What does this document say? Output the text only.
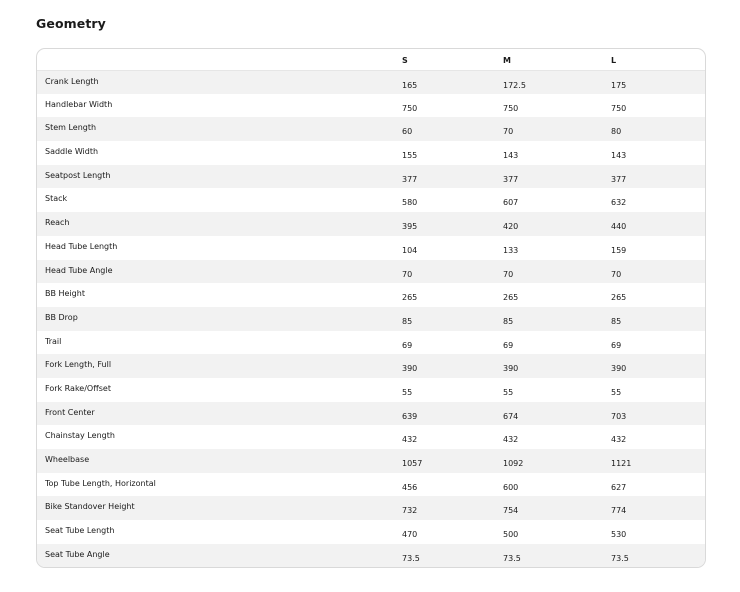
Geometry
	S	M	L
Crank Length	165	172.5	175
Handlebar Width	750	750	750
Stem Length	60	70	80
Saddle Width	155	143	143
Seatpost Length	377	377	377
Stack	580	607	632
Reach	395	420	440
Head Tube Length	104	133	159
Head Tube Angle	70	70	70
BB Height	265	265	265
BB Drop	85	85	85
Trail	69	69	69
Fork Length, Full	390	390	390
Fork Rake/Offset	55	55	55
Front Center	639	674	703
Chainstay Length	432	432	432
Wheelbase	1057	1092	1121
Top Tube Length, Horizontal	456	600	627
Bike Standover Height	732	754	774
Seat Tube Length	470	500	530
Seat Tube Angle	73.5	73.5	73.5
